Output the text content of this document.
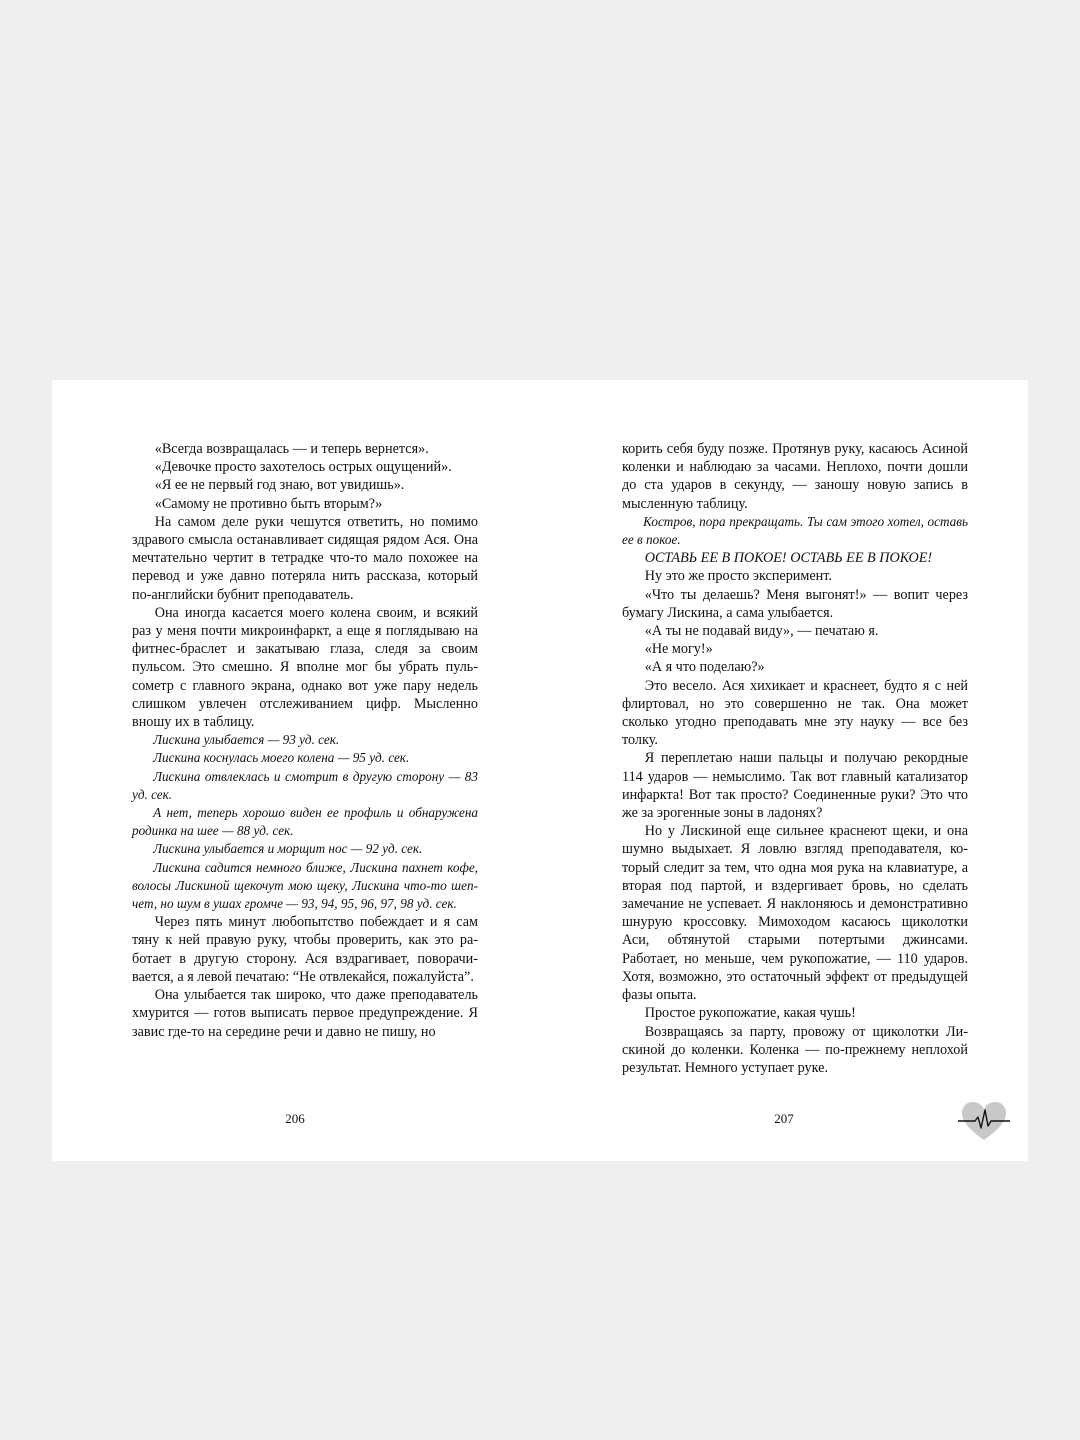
«Всегда возвращалась — и теперь вернется».

«Девочке просто захотелось острых ощущений».

«Я ее не первый год знаю, вот увидишь».

«Самому не противно быть вторым?»

На самом деле руки чешутся ответить, но помимо здравого смысла останавливает сидящая рядом Ася. Она мечтательно чертит в тетрадке что-то мало похожее на перевод и уже давно потеряла нить рассказа, который по-английски бубнит преподаватель.

Она иногда касается моего колена своим, и всякий раз у меня почти микроинфаркт, а еще я поглядываю на фитнес-браслет и закатываю глаза, следя за своим пульсом. Это смешно. Я вполне мог бы убрать пульсометр с главного экрана, однако вот уже пару недель слишком увлечен отслеживанием цифр. Мысленно вношу их в таблицу.

Лискина улыбается — 93 уд. сек.

Лискина коснулась моего колена — 95 уд. сек.

Лискина отвлеклась и смотрит в другую сторону — 83 уд. сек.

А нет, теперь хорошо виден ее профиль и обнаружена родинка на шее — 88 уд. сек.

Лискина улыбается и морщит нос — 92 уд. сек.

Лискина садится немного ближе, Лискина пахнет кофе, волосы Лискиной щекочут мою щеку, Лискина что-то шепчет, но шум в ушах громче — 93, 94, 95, 96, 97, 98 уд. сек.

Через пять минут любопытство побеждает и я сам тяну к ней правую руку, чтобы проверить, как это работает в другую сторону. Ася вздрагивает, поворачивается, а я левой печатаю: “Не отвлекайся, пожалуйста”.

Она улыбается так широко, что даже преподаватель хмурится — готов выписать первое предупреждение. Я завис где-то на середине речи и давно не пишу, но

корить себя буду позже. Протянув руку, касаюсь Асиной коленки и наблюдаю за часами. Неплохо, почти дошли до ста ударов в секунду, — заношу новую запись в мысленную таблицу.

Костров, пора прекращать. Ты сам этого хотел, оставь ее в покое.

ОСТАВЬ ЕЕ В ПОКОЕ! ОСТАВЬ ЕЕ В ПОКОЕ!

Ну это же просто эксперимент.

«Что ты делаешь? Меня выгонят!» — вопит через бумагу Лискина, а сама улыбается.

«А ты не подавай виду», — печатаю я.

«Не могу!»

«А я что поделаю?»

Это весело. Ася хихикает и краснеет, будто я с ней флиртовал, но это совершенно не так. Она может сколько угодно преподавать мне эту науку — все без толку.

Я переплетаю наши пальцы и получаю рекордные 114 ударов — немыслимо. Так вот главный катализатор инфаркта! Вот так просто? Соединенные руки? Это что же за эрогенные зоны в ладонях?

Но у Лискиной еще сильнее краснеют щеки, и она шумно выдыхает. Я ловлю взгляд преподавателя, который следит за тем, что одна моя рука на клавиатуре, а вторая под партой, и вздергивает бровь, но сделать замечание не успевает. Я наклоняюсь и демонстративно шнурую кроссовку. Мимоходом касаюсь щиколотки Аси, обтянутой старыми потертыми джинсами. Работает, но меньше, чем рукопожатие, — 110 ударов. Хотя, возможно, это остаточный эффект от предыдущей фазы опыта.

Простое рукопожатие, какая чушь!

Возвращаясь за парту, провожу от щиколотки Лискиной до коленки. Коленка — по-прежнему неплохой результат. Немного уступает руке.

206	207
